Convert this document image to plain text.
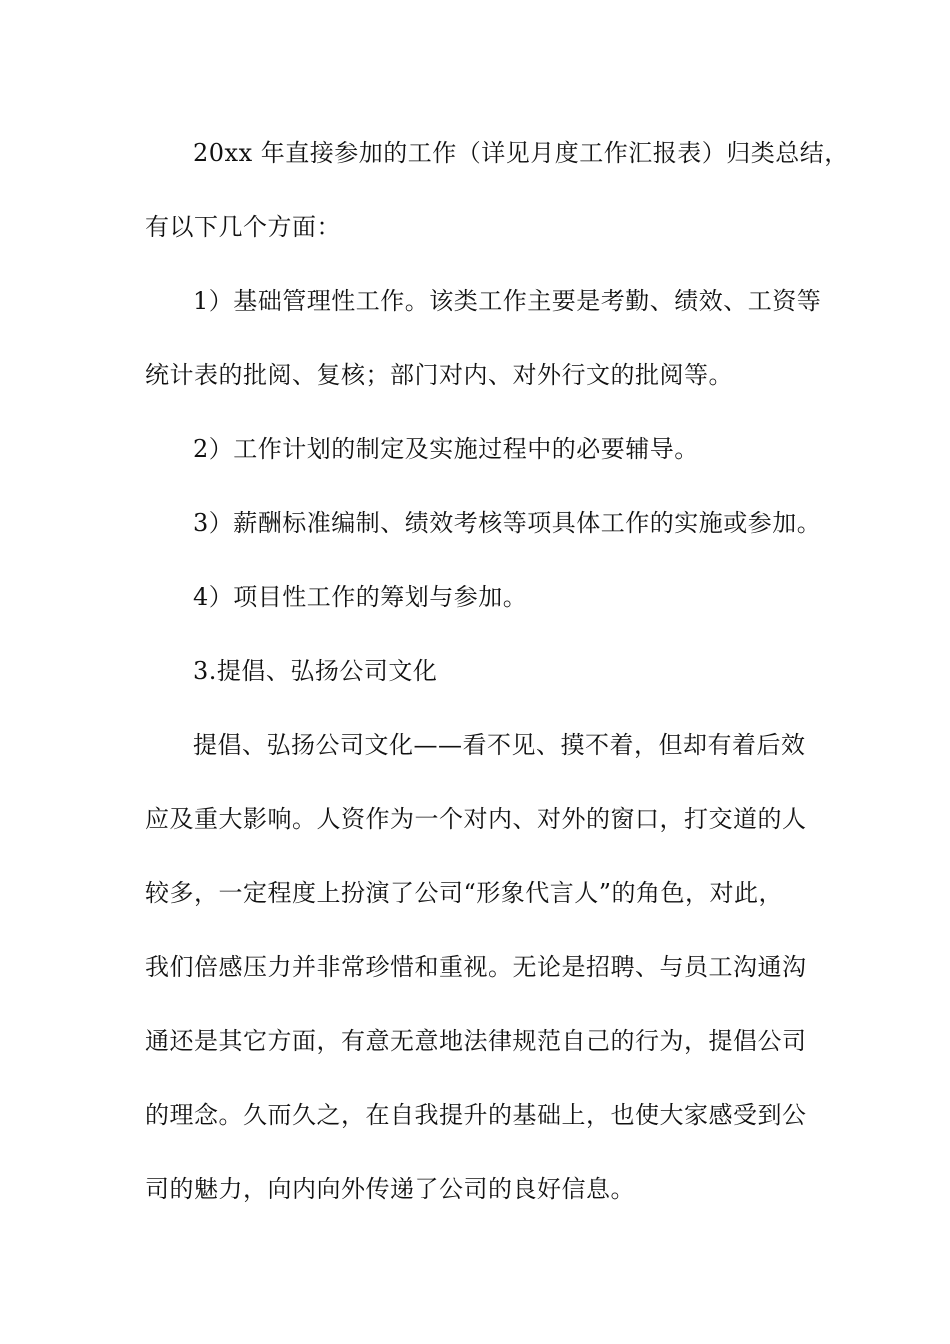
20xx 年直接参加的工作（详见月度工作汇报表）归类总结，
有以下几个方面：
1）基础管理性工作。该类工作主要是考勤、绩效、工资等
统计表的批阅、复核；部门对内、对外行文的批阅等。
2）工作计划的制定及实施过程中的必要辅导。
3）薪酬标准编制、绩效考核等项具体工作的实施或参加。
4）项目性工作的筹划与参加。
3.提倡、弘扬公司文化
提倡、弘扬公司文化——看不见、摸不着，但却有着后效
应及重大影响。人资作为一个对内、对外的窗口，打交道的人
较多，一定程度上扮演了公司“形象代言人”的角色，对此，
我们倍感压力并非常珍惜和重视。无论是招聘、与员工沟通沟
通还是其它方面，有意无意地法律规范自己的行为，提倡公司
的理念。久而久之，在自我提升的基础上，也使大家感受到公
司的魅力，向内向外传递了公司的良好信息。
